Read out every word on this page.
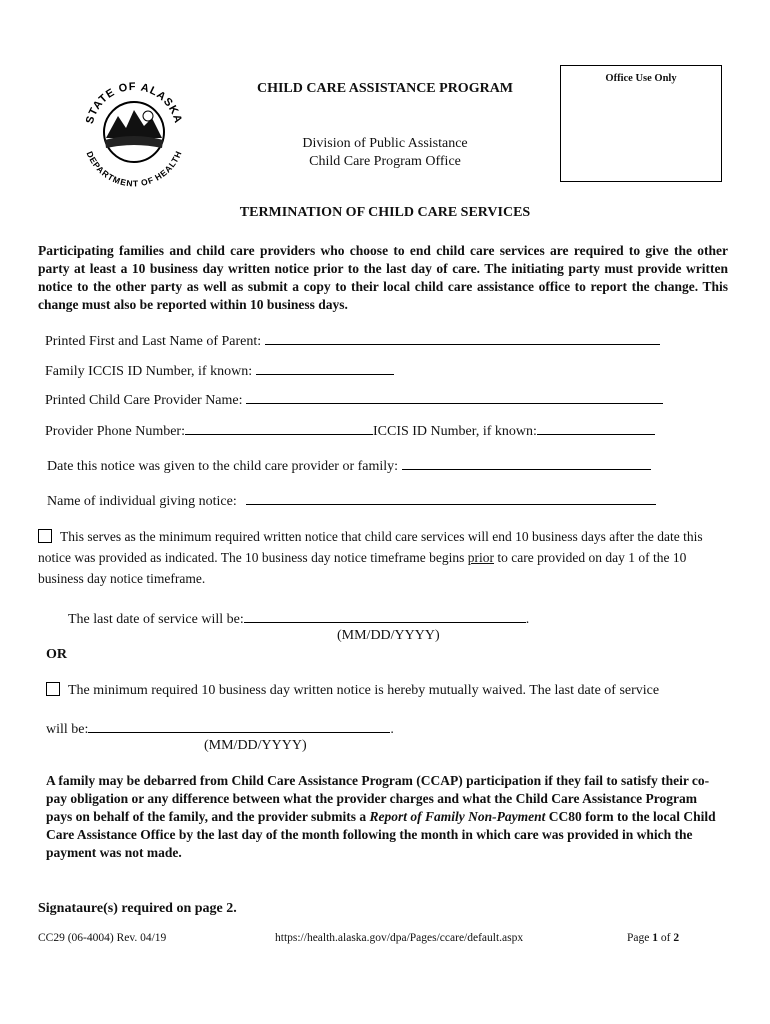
STATE OF ALASKA
DEPARTMENT OF HEALTH
Office Use Only
CHILD CARE ASSISTANCE PROGRAM
Division of Public Assistance
Child Care Program Office
TERMINATION OF CHILD CARE SERVICES
Participating families and child care providers who choose to end child care services are required to give the other party at least a 10 business day written notice prior to the last day of care. The initiating party must provide written notice to the other party as well as submit a copy to their local child care assistance office to report the change. This change must also be reported within 10 business days.
Printed First and Last Name of Parent:
Family ICCIS ID Number, if known:
Printed Child Care Provider Name:
Provider Phone Number:	ICCIS ID Number, if known:
Date this notice was given to the child care provider or family:
Name of individual giving notice:
This serves as the minimum required written notice that child care services will end 10 business days after the date this notice was provided as indicated. The 10 business day notice timeframe begins prior to care provided on day 1 of the 10 business day notice timeframe.
The last date of service will be:	.
(MM/DD/YYYY)
OR
The minimum required 10 business day written notice is hereby mutually waived. The last date of service
will be:	.
(MM/DD/YYYY)
A family may be debarred from Child Care Assistance Program (CCAP) participation if they fail to satisfy their co-pay obligation or any difference between what the provider charges and what the Child Care Assistance Program pays on behalf of the family, and the provider submits a Report of Family Non-Payment CC80 form to the local Child Care Assistance Office by the last day of the month following the month in which care was provided in which the payment was not made.
Signataure(s) required on page 2.
CC29 (06-4004) Rev. 04/19	https://health.alaska.gov/dpa/Pages/ccare/default.aspx	Page 1 of 2
